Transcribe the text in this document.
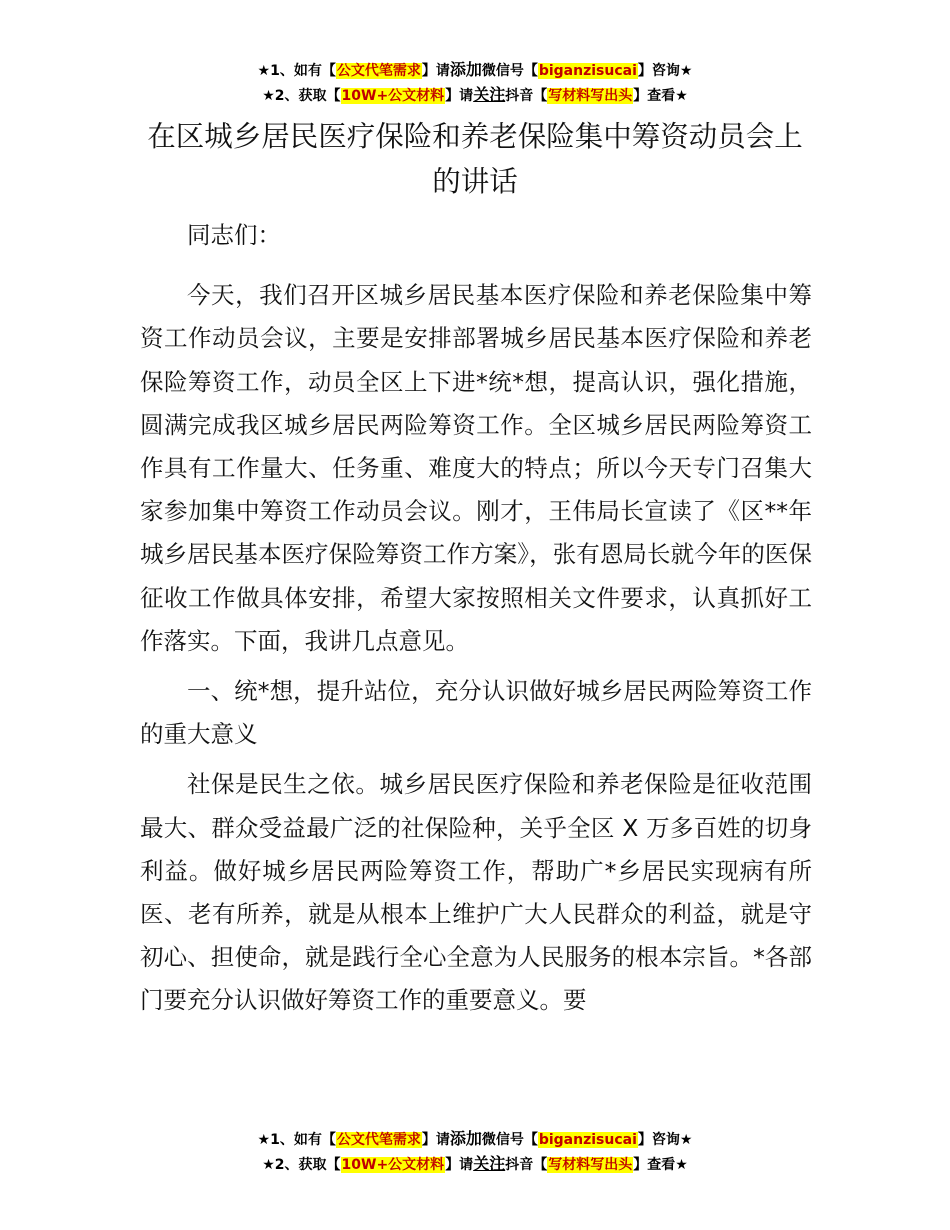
★1、如有【公文代笔需求】请添加微信号【biganzisucai】咨询★
★2、获取【10W+公文材料】请关注抖音【写材料写出头】查看★
在区城乡居民医疗保险和养老保险集中筹资动员会上的讲话

同志们：

今天，我们召开区城乡居民基本医疗保险和养老保险集中筹资工作动员会议，主要是安排部署城乡居民基本医疗保险和养老保险筹资工作，动员全区上下进*统*想，提高认识，强化措施，圆满完成我区城乡居民两险筹资工作。全区城乡居民两险筹资工作具有工作量大、任务重、难度大的特点；所以今天专门召集大家参加集中筹资工作动员会议。刚才，王伟局长宣读了《区**年城乡居民基本医疗保险筹资工作方案》，张有恩局长就今年的医保征收工作做具体安排，希望大家按照相关文件要求，认真抓好工作落实。下面，我讲几点意见。

一、统*想，提升站位，充分认识做好城乡居民两险筹资工作的重大意义

社保是民生之依。城乡居民医疗保险和养老保险是征收范围最大、群众受益最广泛的社保险种，关乎全区 X 万多百姓的切身利益。做好城乡居民两险筹资工作，帮助广*乡居民实现病有所医、老有所养，就是从根本上维护广大人民群众的利益，就是守初心、担使命，就是践行全心全意为人民服务的根本宗旨。*各部门要充分认识做好筹资工作的重要意义。要

★1、如有【公文代笔需求】请添加微信号【biganzisucai】咨询★
★2、获取【10W+公文材料】请关注抖音【写材料写出头】查看★
